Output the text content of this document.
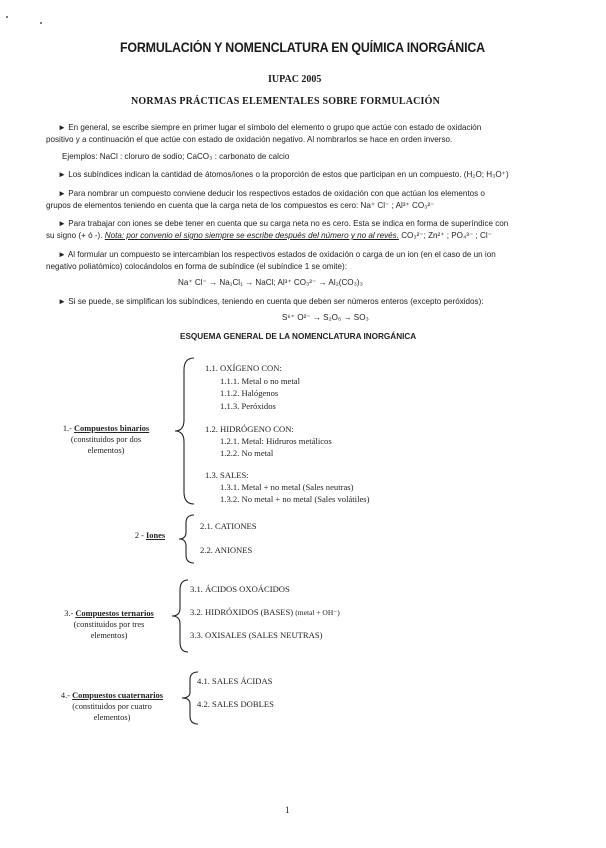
FORMULACIÓN Y NOMENCLATURA EN QUÍMICA INORGÁNICA
IUPAC 2005
NORMAS PRÁCTICAS ELEMENTALES SOBRE FORMULACIÓN
► En general, se escribe siempre en primer lugar el símbolo del elemento o grupo que actúe con estado de oxidación
positivo y a continuación el que actúe con estado de oxidación negativo. Al nombrarlos se hace en orden inverso.
Ejemplos: NaCl : cloruro de sodio; CaCO₃ : carbonato de calcio
► Los subíndices indican la cantidad de átomos/iones o la proporción de estos que participan en un compuesto. (H₂O; H₃O⁺)
► Para nombrar un compuesto conviene deducir los respectivos estados de oxidación con que actúan los elementos o
grupos de elementos teniendo en cuenta que la carga neta de los compuestos es cero: Na⁺ Cl⁻ ; Al³⁺ CO₃²⁻
► Para trabajar con iones se debe tener en cuenta que su carga neta no es cero. Esta se indica en forma de superíndice con
su signo (+ ó -). Nota: por convenio el signo siempre se escribe después del número y no al revés. CO₃²⁻; Zn²⁺ ; PO₄³⁻ ; Cl⁻
► Al formular un compuesto se intercambian los respectivos estados de oxidación o carga de un ion (en el caso de un ion
negativo poliatómico) colocándolos en forma de subíndice (el subíndice 1 se omite):
Na⁺ Cl⁻ → Na₁Cl₁ → NaCl; Al³⁺ CO₃²⁻ → Al₂(CO₃)₃
► Si se puede, se simplifican los subíndices, teniendo en cuenta que deben ser números enteros (excepto peróxidos):
S⁶⁺ O²⁻ → S₂O₆ → SO₃
ESQUEMA GENERAL DE LA NOMENCLATURA INORGÁNICA
1.- Compuestos binarios
(constituidos por dos
elementos)
1.1. OXÍGENO CON:
1.1.1. Metal o no metal
1.1.2. Halógenos
1.1.3. Peróxidos
1.2. HIDRÓGENO CON:
1.2.1. Metal: Hidruros metálicos
1.2.2. No metal
1.3. SALES:
1.3.1. Metal + no metal (Sales neutras)
1.3.2. No metal + no metal (Sales volátiles)
2 - Iones
2.1. CATIONES
2.2. ANIONES
3.- Compuestos ternarios
(constituidos por tres
elementos)
3.1. ÁCIDOS OXOÁCIDOS
3.2. HIDRÓXIDOS (BASES) (metal + OH⁻)
3.3. OXISALES (SALES NEUTRAS)
4.- Compuestos cuaternarios
(constituidos por cuatro
elementos)
4.1. SALES ÁCIDAS
4.2. SALES DOBLES
1
